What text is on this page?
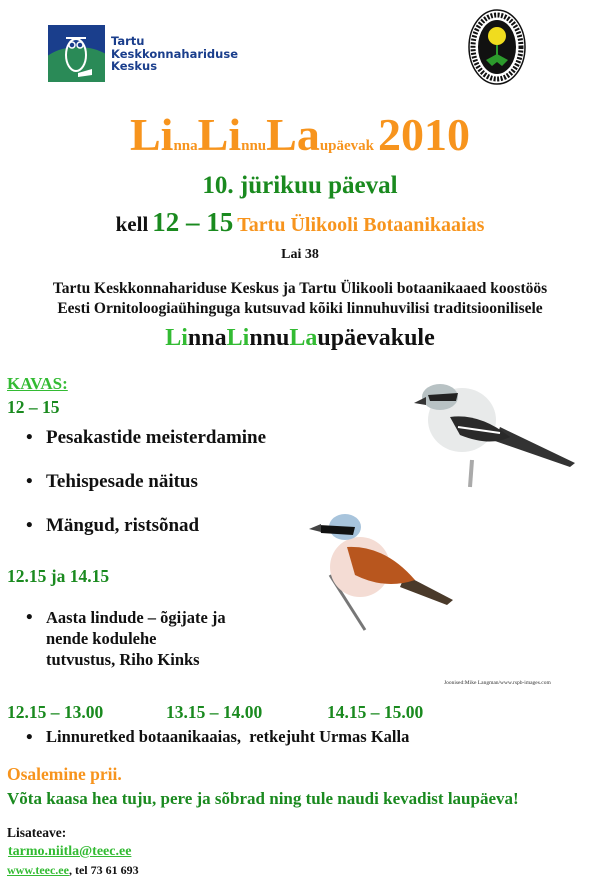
Tartu
Keskkonnahariduse
Keskus
LinnaLinnuLaupäevak 2010
10. jürikuu päeval
kell 12 – 15 Tartu Ülikooli Botaanikaaias
Lai 38
Tartu Keskkonnahariduse Keskus ja Tartu Ülikooli botaanikaaed koostöös
Eesti Ornitoloogiaühinguga kutsuvad kõiki linnuhuvilisi traditsioonilisele
LinnaLinnuLaupäevakule
KAVAS:
12 – 15
• Pesakastide meisterdamine
• Tehispesade näitus
• Mängud, ristsõnad
12.15 ja 14.15
• Aasta lindude – õgijate ja
nende kodulehe
tutvustus, Riho Kinks
Joonised:Mike Langman/www.rspb-images.com
12.15 – 13.00	13.15 – 14.00	14.15 – 15.00
• Linnuretked botaanikaaias,  retkejuht Urmas Kalla
Osalemine prii.
Võta kaasa hea tuju, pere ja sõbrad ning tule naudi kevadist laupäeva!
Lisateave:
tarmo.niitla@teec.ee
www.teec.ee, tel 73 61 693
